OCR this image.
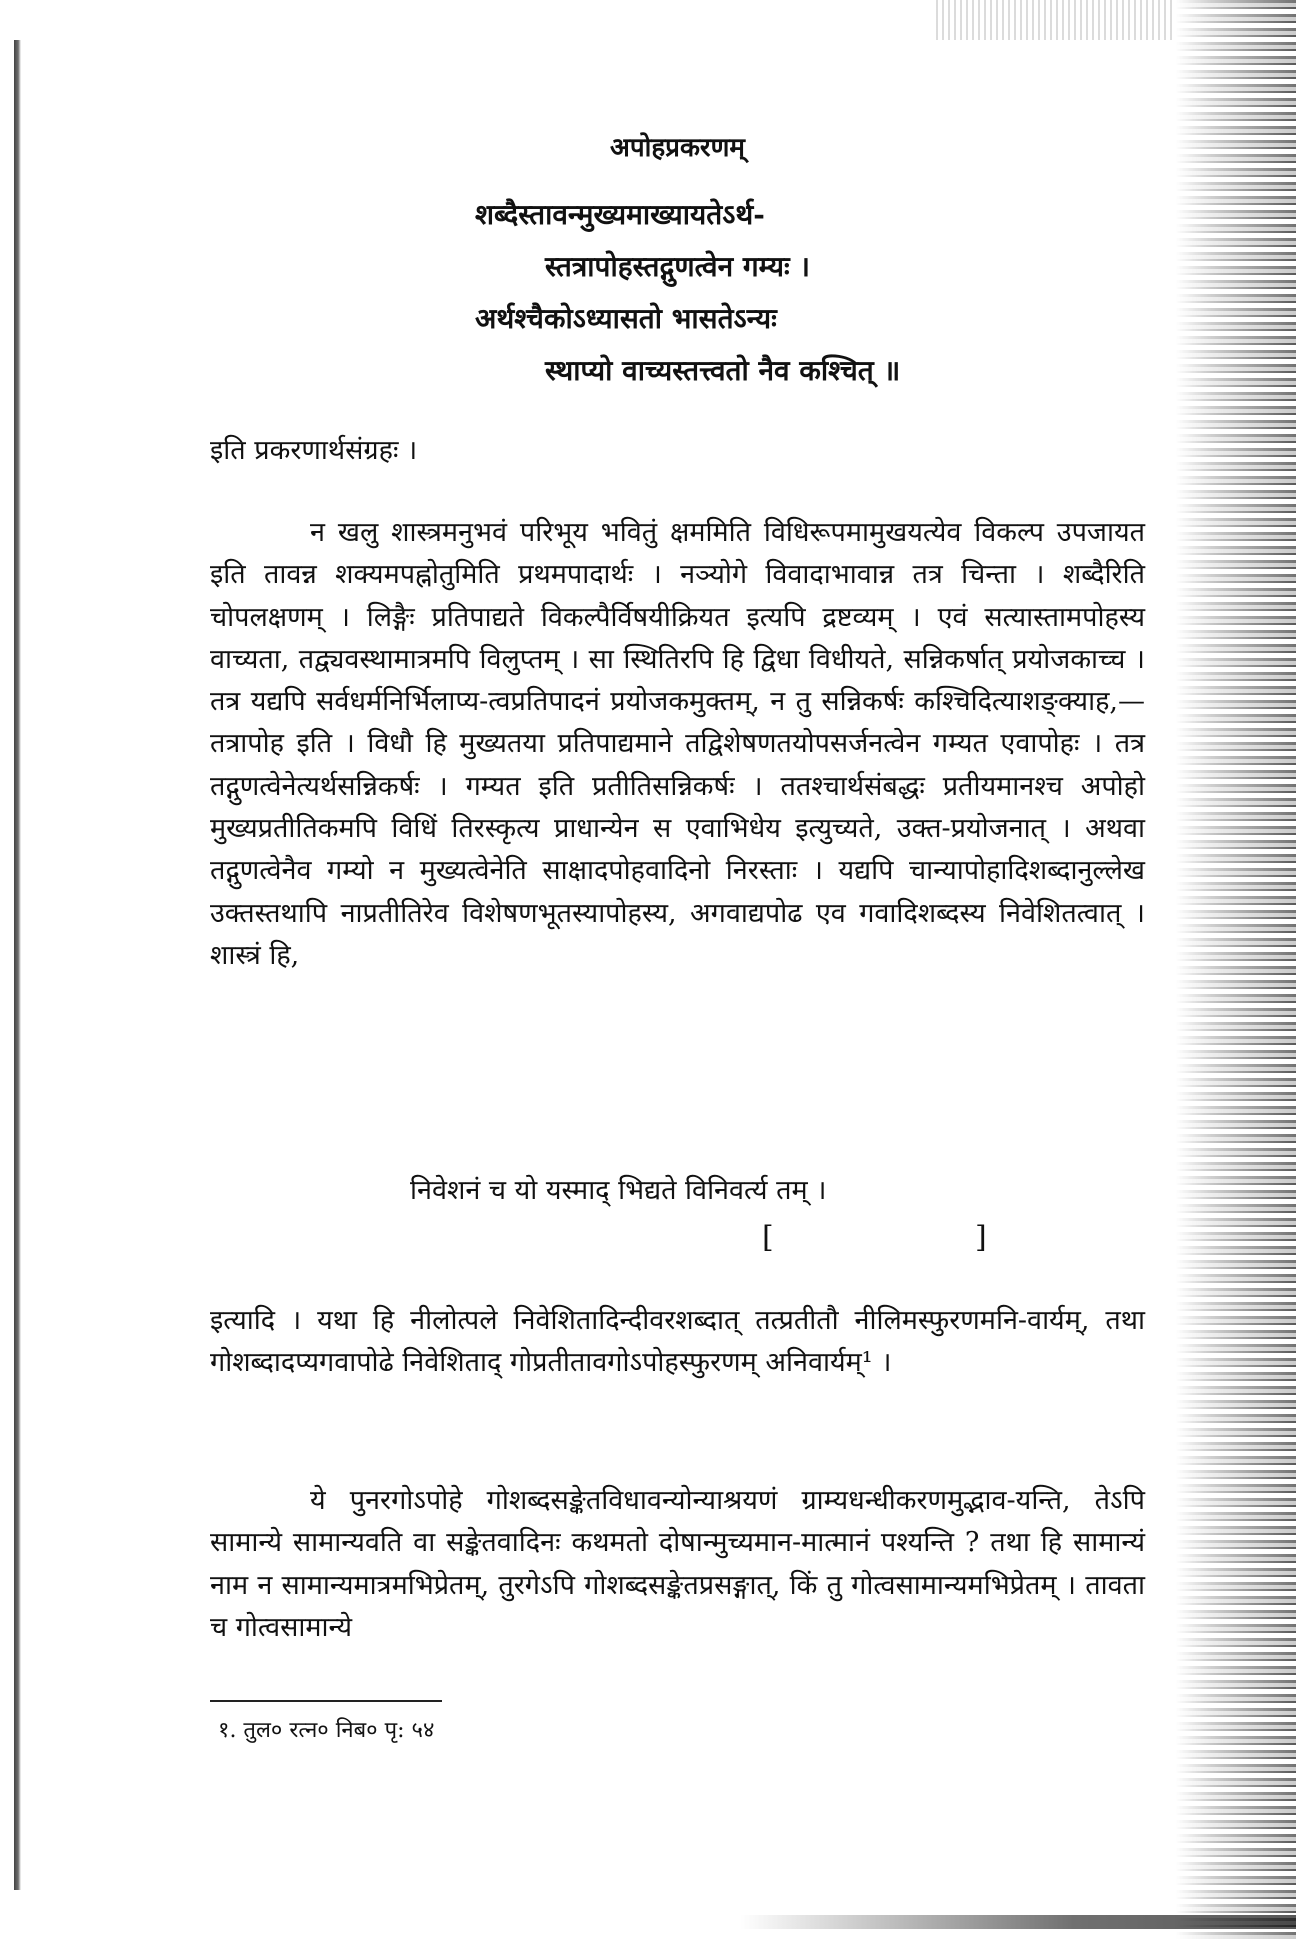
अपोहप्रकरणम्
शब्दैस्तावन्मुख्यमाख्यायतेऽर्थ-
स्तत्रापोहस्तद्गुणत्वेन गम्यः ।
अर्थश्चैकोऽध्यासतो भासतेऽन्यः
स्थाप्यो वाच्यस्तत्त्वतो नैव कश्चित् ॥
इति प्रकरणार्थसंग्रहः ।
न खलु शास्त्रमनुभवं परिभूय भवितुं क्षममिति विधिरूपमामुखयत्येव विकल्प उपजायत इति तावन्न शक्यमपह्नोतुमिति प्रथमपादार्थः । नञ्योगे विवादाभावान्न तत्र चिन्ता । शब्दैरिति चोपलक्षणम् । लिङ्गैः प्रतिपाद्यते विकल्पैर्विषयीक्रियत इत्यपि द्रष्टव्यम् । एवं सत्यास्तामपोहस्य वाच्यता, तद्व्यवस्थामात्रमपि विलुप्तम् । सा स्थितिरपि हि द्विधा विधीयते, सन्निकर्षात् प्रयोजकाच्च । तत्र यद्यपि सर्वधर्मनिर्भिलाप्य-त्वप्रतिपादनं प्रयोजकमुक्तम्, न तु सन्निकर्षः कश्चिदित्याशङ्क्याह,—तत्रापोह इति । विधौ हि मुख्यतया प्रतिपाद्यमाने तद्विशेषणतयोपसर्जनत्वेन गम्यत एवापोहः । तत्र तद्गुणत्वेनेत्यर्थसन्निकर्षः । गम्यत इति प्रतीतिसन्निकर्षः । ततश्चार्थसंबद्धः प्रतीयमानश्च अपोहो मुख्यप्रतीतिकमपि विधिं तिरस्कृत्य प्राधान्येन स एवाभिधेय इत्युच्यते, उक्त-प्रयोजनात् । अथवा तद्गुणत्वेनैव गम्यो न मुख्यत्वेनेति साक्षादपोहवादिनो निरस्ताः । यद्यपि चान्यापोहादिशब्दानुल्लेख उक्तस्तथापि नाप्रतीतिरेव विशेषणभूतस्यापोहस्य, अगवाद्यपोढ एव गवादिशब्दस्य निवेशितत्वात् । शास्त्रं हि,
निवेशनं च यो यस्माद् भिद्यते विनिवर्त्य तम् ।
[	]
इत्यादि । यथा हि नीलोत्पले निवेशितादिन्दीवरशब्दात् तत्प्रतीतौ नीलिमस्फुरणमनि-वार्यम्, तथा गोशब्दादप्यगवापोढे निवेशिताद् गोप्रतीतावगोऽपोहस्फुरणम् अनिवार्यम्¹ ।
ये पुनरगोऽपोहे गोशब्दसङ्केतविधावन्योन्याश्रयणं ग्राम्यधन्धीकरणमुद्भाव-यन्ति, तेऽपि सामान्ये सामान्यवति वा सङ्केतवादिनः कथमतो दोषान्मुच्यमान-मात्मानं पश्यन्ति ? तथा हि सामान्यं नाम न सामान्यमात्रमभिप्रेतम्, तुरगेऽपि गोशब्दसङ्केतप्रसङ्गात्, किं तु गोत्वसामान्यमभिप्रेतम् । तावता च गोत्वसामान्ये
१. तुल० रत्न० निब० पृ: ५४
